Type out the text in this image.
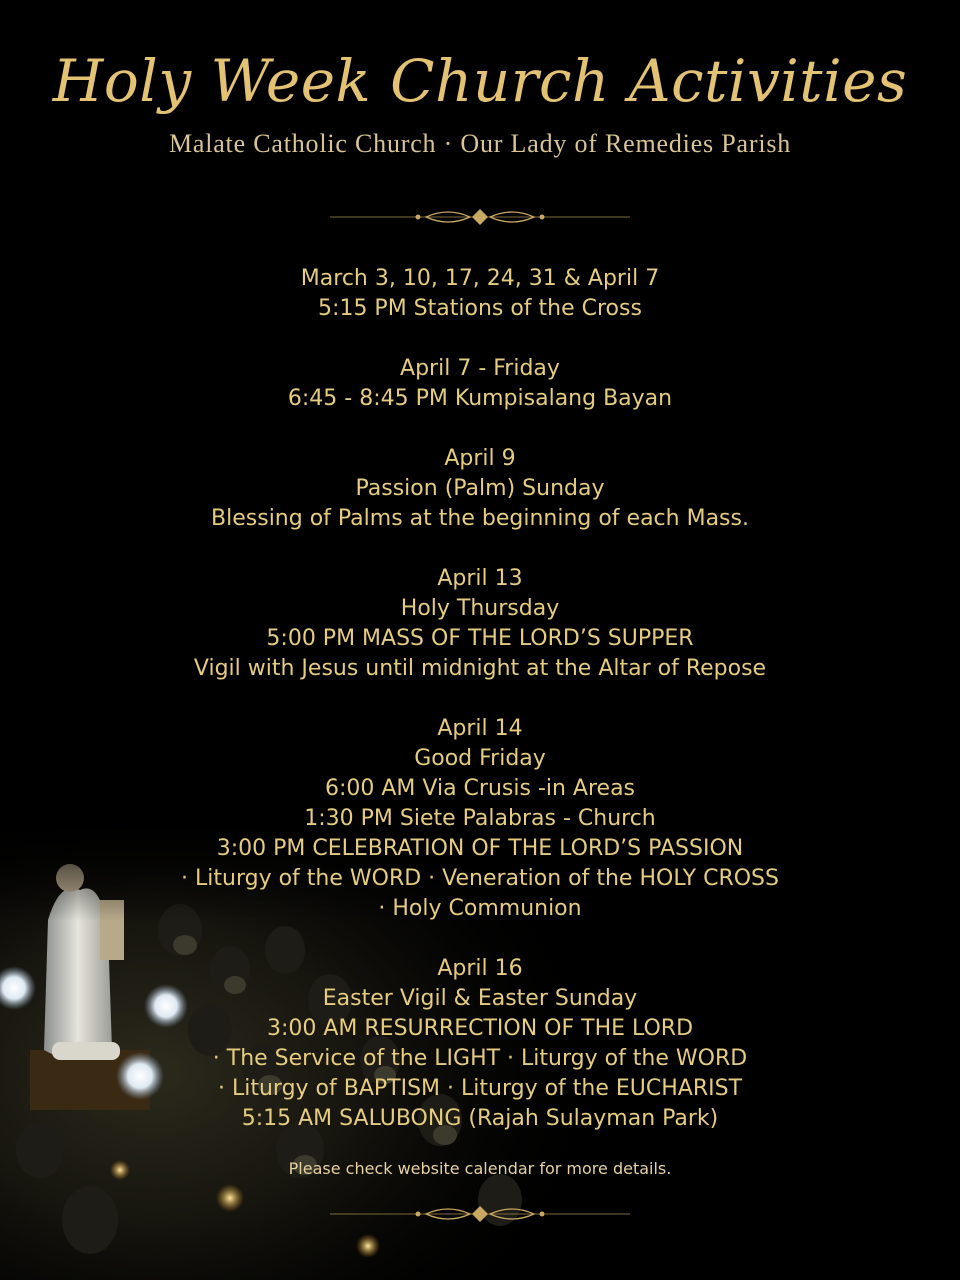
Holy Week Church Activities
Malate Catholic Church · Our Lady of Remedies Parish
March 3, 10, 17, 24, 31 & April 7
5:15 PM Stations of the Cross
April 7 - Friday
6:45 - 8:45 PM Kumpisalang Bayan
April 9
Passion (Palm) Sunday
Blessing of Palms at the beginning of each Mass.
April 13
Holy Thursday
5:00 PM MASS OF THE LORD’S SUPPER
Vigil with Jesus until midnight at the Altar of Repose
April 14
Good Friday
6:00 AM Via Crusis -in Areas
1:30 PM Siete Palabras - Church
3:00 PM CELEBRATION OF THE LORD’S PASSION
· Liturgy of the WORD · Veneration of the HOLY CROSS
· Holy Communion
April 16
Easter Vigil & Easter Sunday
3:00 AM RESURRECTION OF THE LORD
· The Service of the LIGHT · Liturgy of the WORD
· Liturgy of BAPTISM · Liturgy of the EUCHARIST
5:15 AM SALUBONG (Rajah Sulayman Park)
Please check website calendar for more details.
